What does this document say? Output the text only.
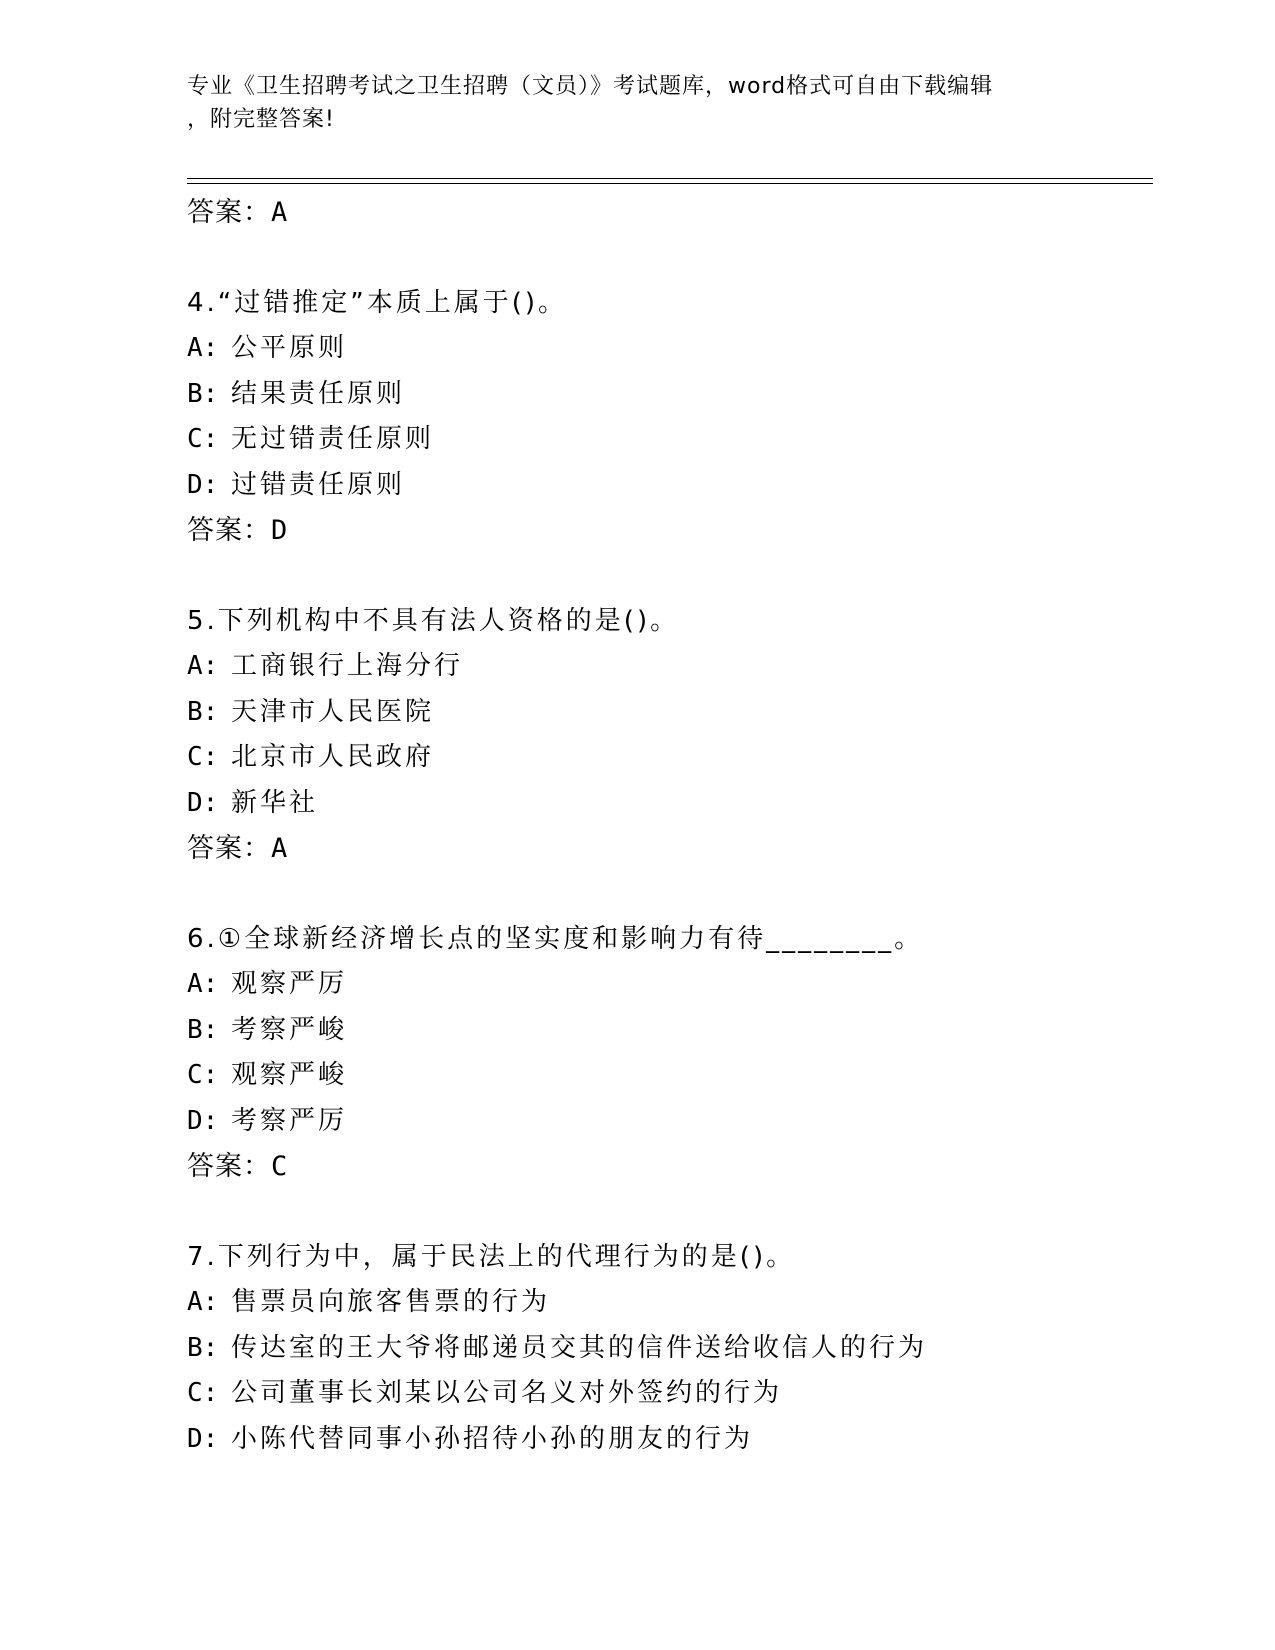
专业《卫生招聘考试之卫生招聘（文员）》考试题库，word格式可自由下载编辑
，附完整答案!
答案：A
4.“过错推定”本质上属于()。
A: 公平原则
B: 结果责任原则
C: 无过错责任原则
D: 过错责任原则
答案：D
5.下列机构中不具有法人资格的是()。
A: 工商银行上海分行
B: 天津市人民医院
C: 北京市人民政府
D: 新华社
答案：A
6.①全球新经济增长点的坚实度和影响力有待________。
A: 观察严厉
B: 考察严峻
C: 观察严峻
D: 考察严厉
答案：C
7.下列行为中，属于民法上的代理行为的是()。
A: 售票员向旅客售票的行为
B: 传达室的王大爷将邮递员交其的信件送给收信人的行为
C: 公司董事长刘某以公司名义对外签约的行为
D: 小陈代替同事小孙招待小孙的朋友的行为
